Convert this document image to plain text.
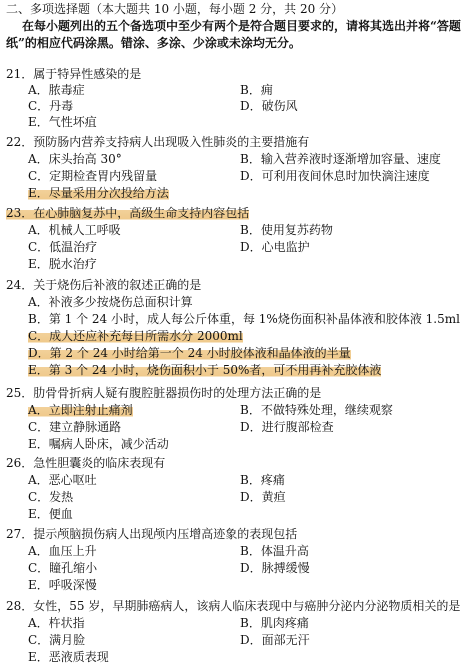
二、多项选择题（本大题共 10 小题，每小题 2 分，共 20 分）
在每小题列出的五个备选项中至少有两个是符合题目要求的，请将其选出并将“答题
纸”的相应代码涂黑。错涂、多涂、少涂或未涂均无分。
21．属于特异性感染的是
A．脓毒症	B．痈
C．丹毒	D．破伤风
E．气性坏疽
22．预防肠内营养支持病人出现吸入性肺炎的主要措施有
A．床头抬高 30°	B．输入营养液时逐渐增加容量、速度
C．定期检查胃内残留量	D．可利用夜间休息时加快滴注速度
E．尽量采用分次投给方法
23．在心肺脑复苏中，高级生命支持内容包括
A．机械人工呼吸	B．使用复苏药物
C．低温治疗	D．心电监护
E．脱水治疗
24．关于烧伤后补液的叙述正确的是
A．补液多少按烧伤总面积计算
B．第 1 个 24 小时，成人每公斤体重，每 1%烧伤面积补晶体液和胶体液 1.5ml
C．成人还应补充每日所需水分 2000ml
D．第 2 个 24 小时给第一个 24 小时胶体液和晶体液的半量
E．第 3 个 24 小时，烧伤面积小于 50%者，可不用再补充胶体液
25．肋骨骨折病人疑有腹腔脏器损伤时的处理方法正确的是
A．立即注射止痛剂	B．不做特殊处理，继续观察
C．建立静脉通路	D．进行腹部检查
E．嘱病人卧床，减少活动
26．急性胆囊炎的临床表现有
A．恶心呕吐	B．疼痛
C．发热	D．黄疸
E．便血
27．提示颅脑损伤病人出现颅内压增高迹象的表现包括
A．血压上升	B．体温升高
C．瞳孔缩小	D．脉搏缓慢
E．呼吸深慢
28．女性，55 岁，早期肺癌病人，该病人临床表现中与癌肿分泌内分泌物质相关的是
A．杵状指	B．肌肉疼痛
C．满月脸	D．面部无汗
E．恶液质表现
